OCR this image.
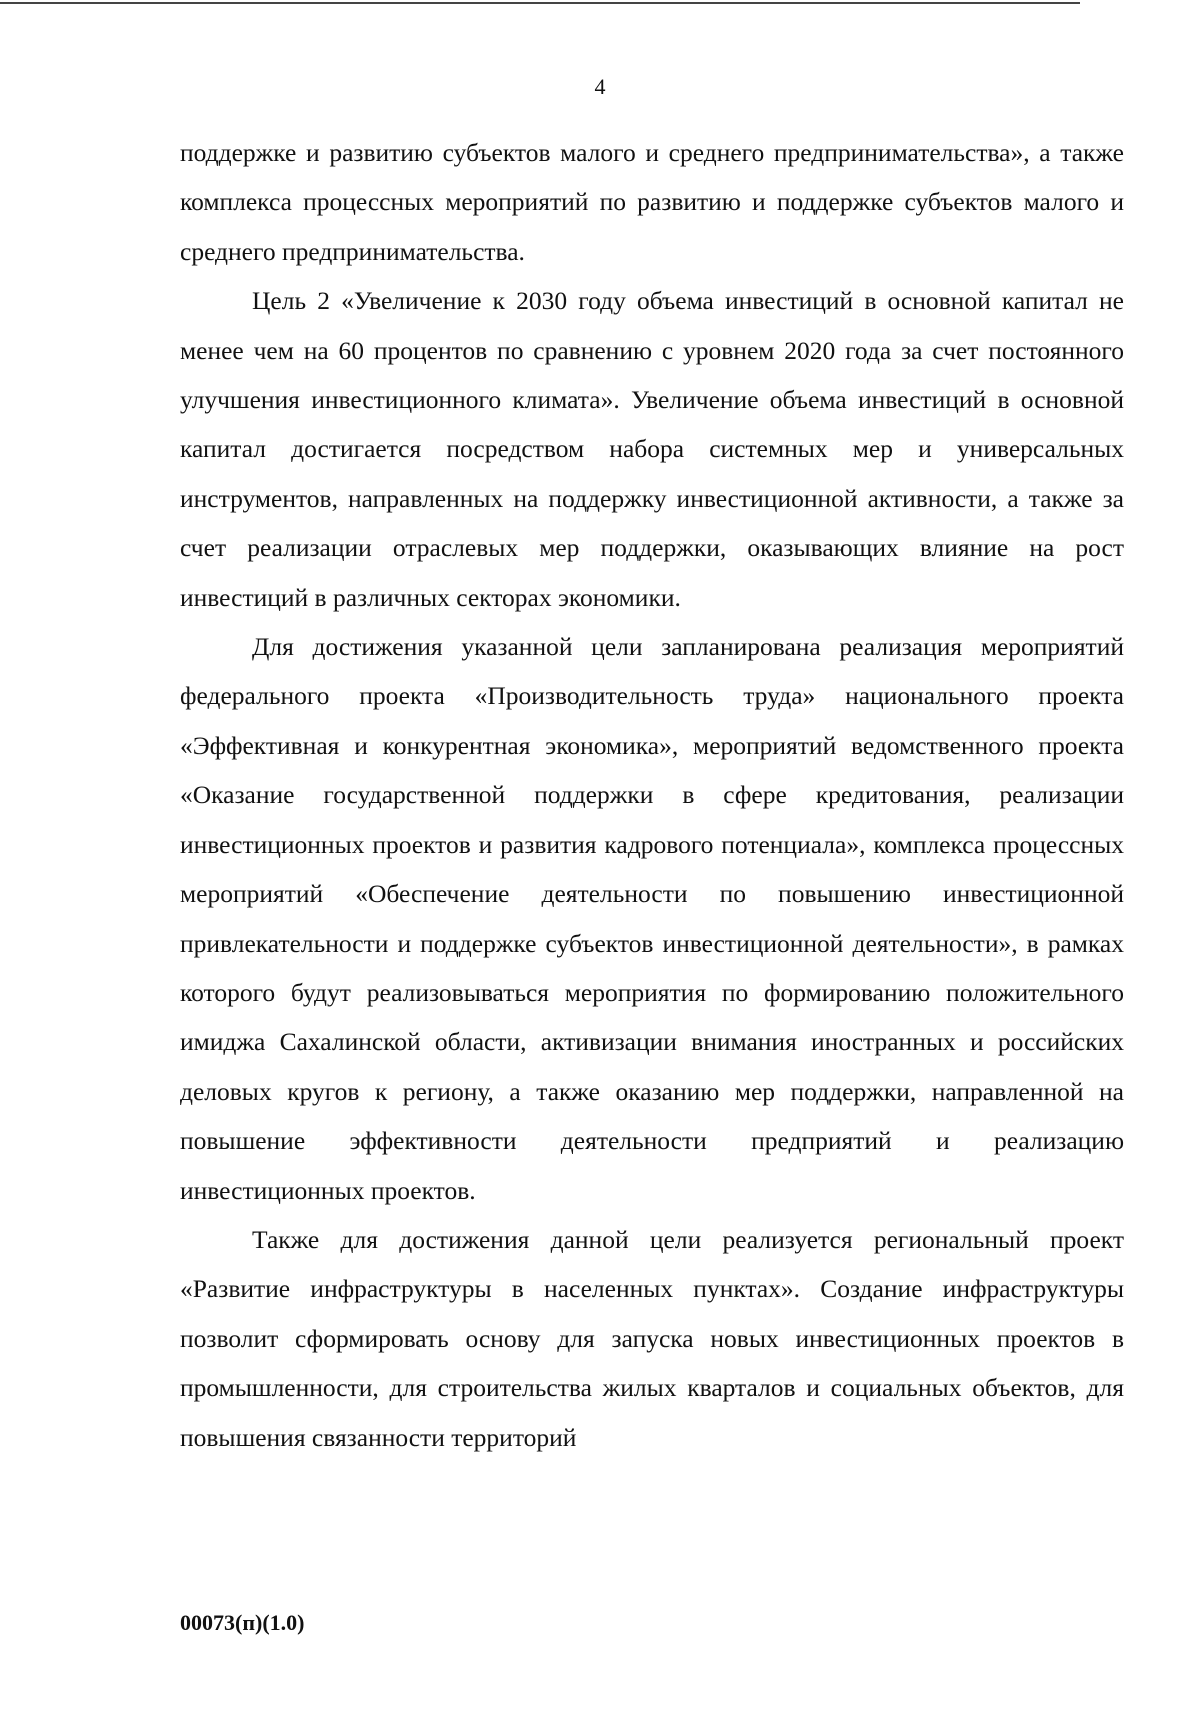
4

поддержке и развитию субъектов малого и среднего предпринимательства», а также комплекса процессных мероприятий по развитию и поддержке субъектов малого и среднего предпринимательства.

Цель 2 «Увеличение к 2030 году объема инвестиций в основной капитал не менее чем на 60 процентов по сравнению с уровнем 2020 года за счет постоянного улучшения инвестиционного климата». Увеличение объема инвестиций в основной капитал достигается посредством набора системных мер и универсальных инструментов, направленных на поддержку инвестиционной активности, а также за счет реализации отраслевых мер поддержки, оказывающих влияние на рост инвестиций в различных секторах экономики.

Для достижения указанной цели запланирована реализация мероприятий федерального проекта «Производительность труда» национального проекта «Эффективная и конкурентная экономика», мероприятий ведомственного проекта «Оказание государственной поддержки в сфере кредитования, реализации инвестиционных проектов и развития кадрового потенциала», комплекса процессных мероприятий «Обеспечение деятельности по повышению инвестиционной привлекательности и поддержке субъектов инвестиционной деятельности», в рамках которого будут реализовываться мероприятия по формированию положительного имиджа Сахалинской области, активизации внимания иностранных и российских деловых кругов к региону, а также оказанию мер поддержки, направленной на повышение эффективности деятельности предприятий и реализацию инвестиционных проектов.

Также для достижения данной цели реализуется региональный проект «Развитие инфраструктуры в населенных пунктах». Создание инфраструктуры позволит сформировать основу для запуска новых инвестиционных проектов в промышленности, для строительства жилых кварталов и социальных объектов, для повышения связанности территорий

00073(п)(1.0)
